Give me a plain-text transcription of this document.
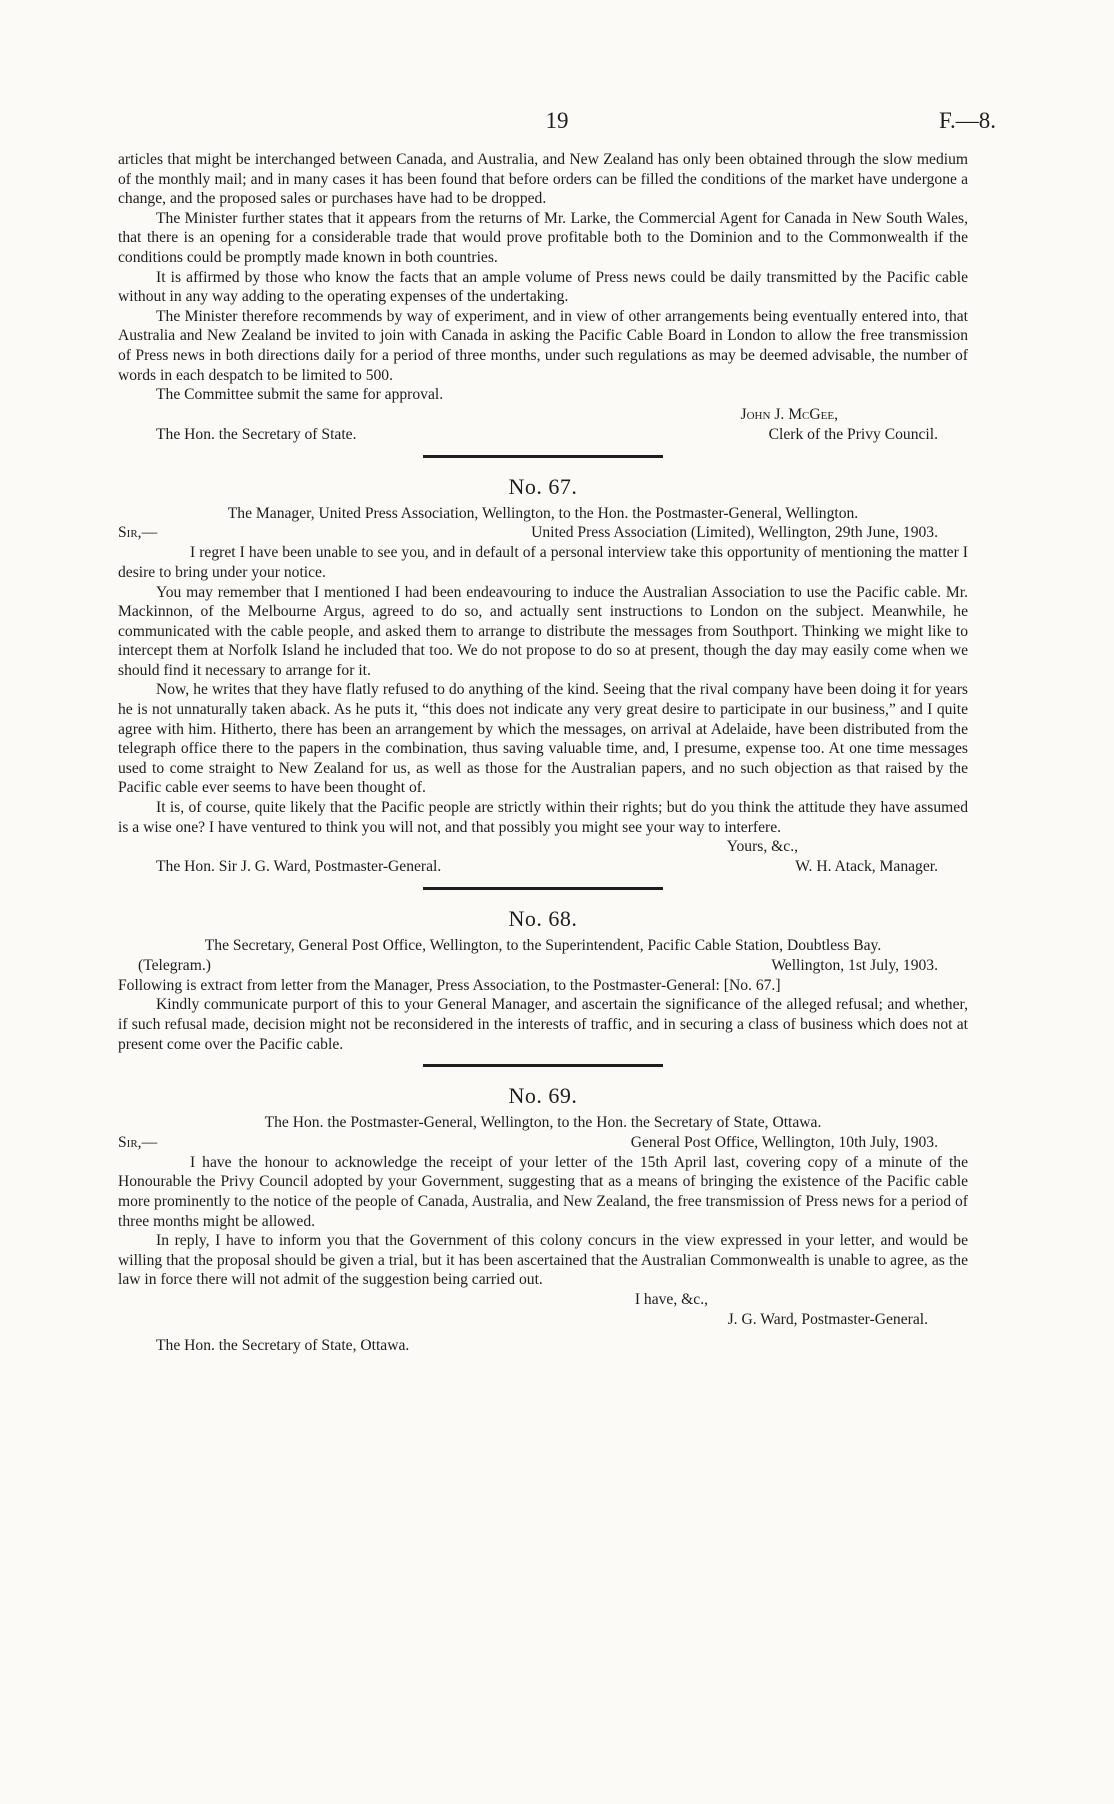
19	F.—8.

articles that might be interchanged between Canada, and Australia, and New Zealand has only been obtained through the slow medium of the monthly mail; and in many cases it has been found that before orders can be filled the conditions of the market have undergone a change, and the proposed sales or purchases have had to be dropped.

The Minister further states that it appears from the returns of Mr. Larke, the Commercial Agent for Canada in New South Wales, that there is an opening for a considerable trade that would prove profitable both to the Dominion and to the Commonwealth if the conditions could be promptly made known in both countries.

It is affirmed by those who know the facts that an ample volume of Press news could be daily transmitted by the Pacific cable without in any way adding to the operating expenses of the undertaking.

The Minister therefore recommends by way of experiment, and in view of other arrangements being eventually entered into, that Australia and New Zealand be invited to join with Canada in asking the Pacific Cable Board in London to allow the free transmission of Press news in both directions daily for a period of three months, under such regulations as may be deemed advisable, the number of words in each despatch to be limited to 500.

The Committee submit the same for approval.

John J. McGee,
The Hon. the Secretary of State.	Clerk of the Privy Council.
No. 67.

The Manager, United Press Association, Wellington, to the Hon. the Postmaster-General, Wellington.

Sir,—	United Press Association (Limited), Wellington, 29th June, 1903.

I regret I have been unable to see you, and in default of a personal interview take this opportunity of mentioning the matter I desire to bring under your notice.

You may remember that I mentioned I had been endeavouring to induce the Australian Association to use the Pacific cable. Mr. Mackinnon, of the Melbourne Argus, agreed to do so, and actually sent instructions to London on the subject. Meanwhile, he communicated with the cable people, and asked them to arrange to distribute the messages from Southport. Thinking we might like to intercept them at Norfolk Island he included that too. We do not propose to do so at present, though the day may easily come when we should find it necessary to arrange for it.

Now, he writes that they have flatly refused to do anything of the kind. Seeing that the rival company have been doing it for years he is not unnaturally taken aback. As he puts it, “this does not indicate any very great desire to participate in our business,” and I quite agree with him. Hitherto, there has been an arrangement by which the messages, on arrival at Adelaide, have been distributed from the telegraph office there to the papers in the combination, thus saving valuable time, and, I presume, expense too. At one time messages used to come straight to New Zealand for us, as well as those for the Australian papers, and no such objection as that raised by the Pacific cable ever seems to have been thought of.

It is, of course, quite likely that the Pacific people are strictly within their rights; but do you think the attitude they have assumed is a wise one? I have ventured to think you will not, and that possibly you might see your way to interfere.

Yours, &c.,
The Hon. Sir J. G. Ward, Postmaster-General.	W. H. Atack, Manager.
No. 68.

The Secretary, General Post Office, Wellington, to the Superintendent, Pacific Cable Station, Doubtless Bay.

(Telegram.)	Wellington, 1st July, 1903.

Following is extract from letter from the Manager, Press Association, to the Postmaster-General: [No. 67.]

Kindly communicate purport of this to your General Manager, and ascertain the significance of the alleged refusal; and whether, if such refusal made, decision might not be reconsidered in the interests of traffic, and in securing a class of business which does not at present come over the Pacific cable.

No. 69.

The Hon. the Postmaster-General, Wellington, to the Hon. the Secretary of State, Ottawa.

Sir,—	General Post Office, Wellington, 10th July, 1903.

I have the honour to acknowledge the receipt of your letter of the 15th April last, covering copy of a minute of the Honourable the Privy Council adopted by your Government, suggesting that as a means of bringing the existence of the Pacific cable more prominently to the notice of the people of Canada, Australia, and New Zealand, the free transmission of Press news for a period of three months might be allowed.

In reply, I have to inform you that the Government of this colony concurs in the view expressed in your letter, and would be willing that the proposal should be given a trial, but it has been ascertained that the Australian Commonwealth is unable to agree, as the law in force there will not admit of the suggestion being carried out.

I have, &c.,
J. G. Ward, Postmaster-General.
The Hon. the Secretary of State, Ottawa.
